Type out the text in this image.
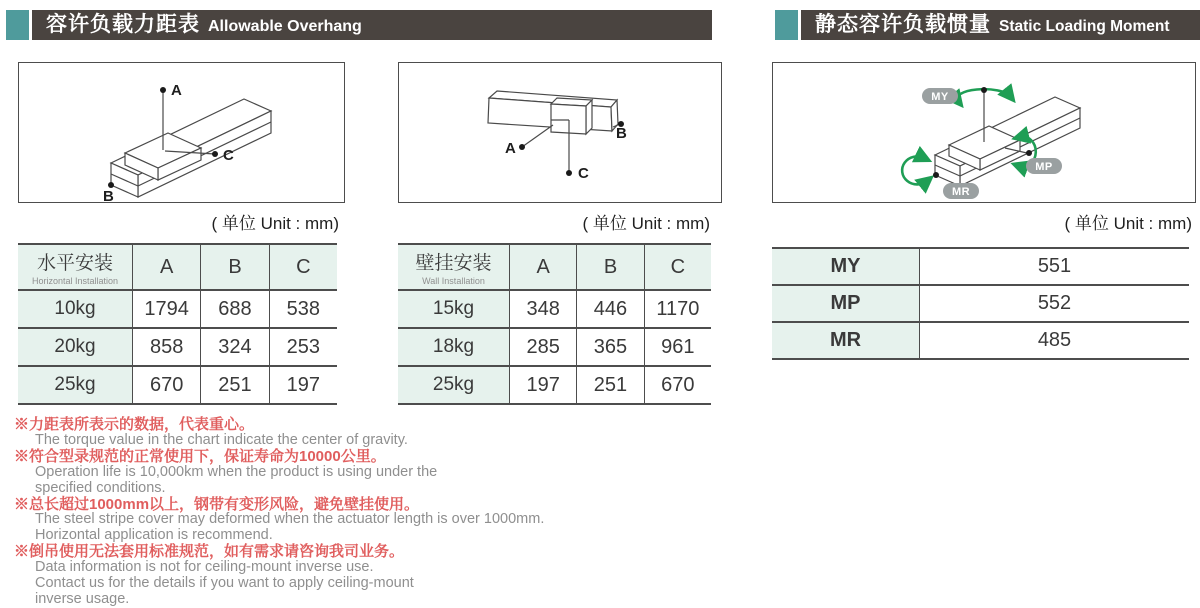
容许负载力距表 Allowable Overhang
A
B
C	A
B
C
( 单位 Unit : mm)	( 单位 Unit : mm)
水平安装
Horizontal Installation
A	B	C
10kg 1794 688 538
20kg	858 324 253
25kg	670 251 197
壁挂安装
Wall Installation
A	B	C
15kg	348 446 1170
18kg	285 365 961
25kg	197 251 670
※力距表所表示的数据，代表重心。
The torque value in the chart indicate the center of gravity.
※符合型录规范的正常使用下，保证寿命为10000公里。
Operation life is 10,000km when the product is using under the
specified conditions.
※总长超过1000mm以上，钢带有变形风险，避免壁挂使用。
The steel stripe cover may deformed when the actuator length is over 1000mm.
Horizontal application is recommend.
※倒吊使用无法套用标准规范，如有需求请咨询我司业务。
Data information is not for ceiling-mount inverse use.
Contact us for the details if you want to apply ceiling-mount
inverse usage.
静态容许负载惯量 Static Loading Moment
MY
MP
MR
( 单位 Unit : mm)
MY	551
MP	552
MR	485
